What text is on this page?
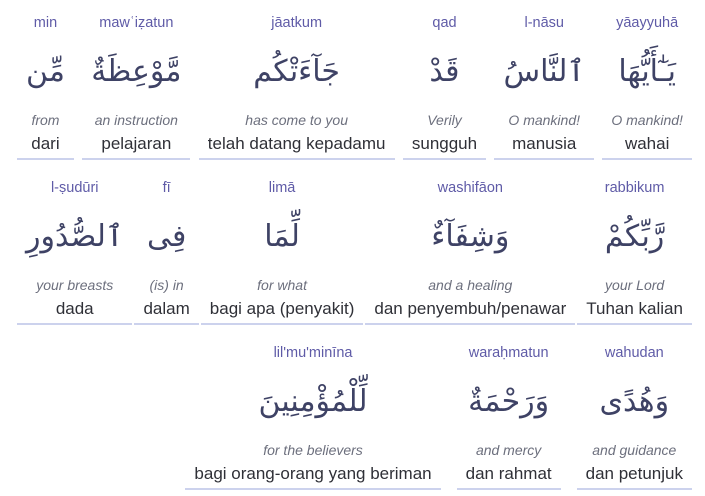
min
مِّن
from
dari
mawʿiẓatun
مَّوْعِظَةٌ
an instruction
pelajaran
jāatkum
جَآءَتْكُم
has come to you
telah datang kepadamu
qad
قَدْ
Verily
sungguh
l-nāsu
ٱلنَّاسُ
O mankind!
manusia
yāayyuhā
يَـٰٓأَيُّهَا
O mankind!
wahai
l-ṣudūri
ٱلصُّدُورِ
your breasts
dada
fī
فِى
(is) in
dalam
limā
لِّمَا
for what
bagi apa (penyakit)
washifāon
وَشِفَآءٌ
and a healing
dan penyembuh/penawar
rabbikum
رَّبِّكُمْ
your Lord
Tuhan kalian
lil'mu'minīna
لِّلْمُؤْمِنِينَ
for the believers
bagi orang-orang yang beriman
waraḥmatun
وَرَحْمَةٌ
and mercy
dan rahmat
wahudan
وَهُدًى
and guidance
dan petunjuk
